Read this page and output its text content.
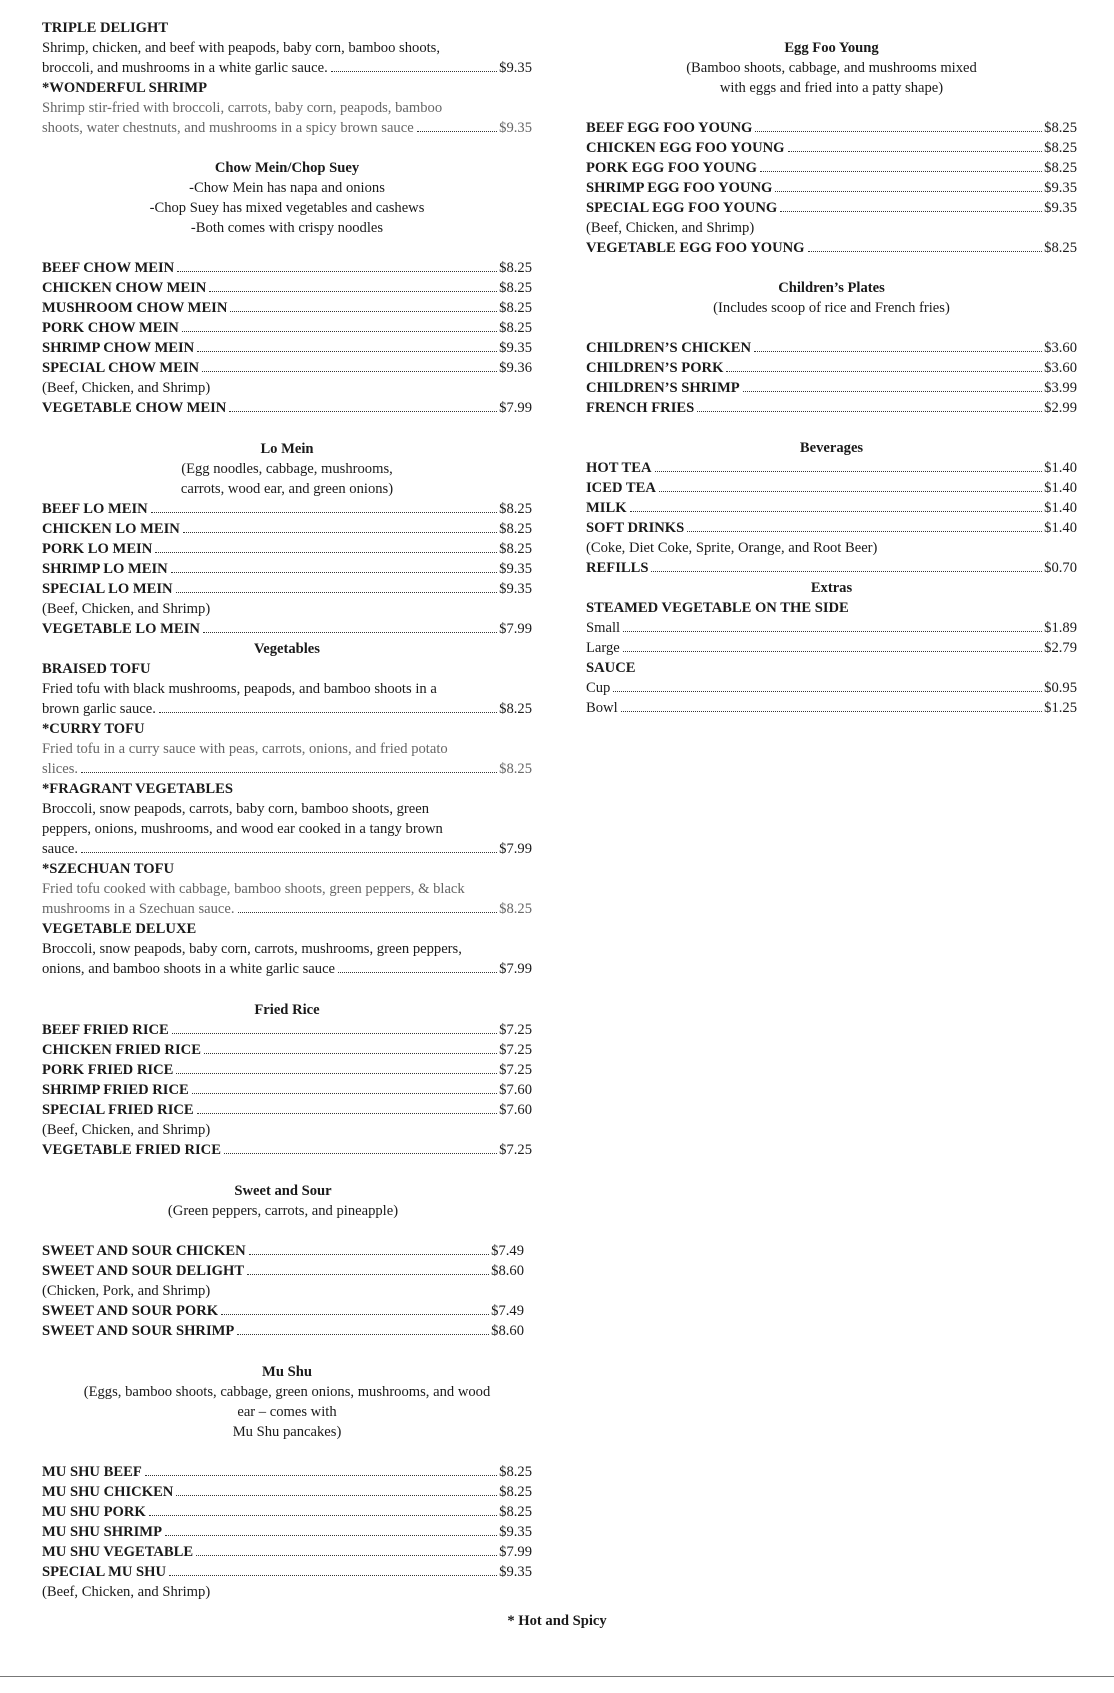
TRIPLE DELIGHT
Shrimp, chicken, and beef with peapods, baby corn, bamboo shoots,
broccoli, and mushrooms in a white garlic sauce.	$9.35
*WONDERFUL SHRIMP
Shrimp stir-fried with broccoli, carrots, baby corn, peapods, bamboo
shoots, water chestnuts, and mushrooms in a spicy brown sauce	$9.35
Chow Mein/Chop Suey
-Chow Mein has napa and onions
-Chop Suey has mixed vegetables and cashews
-Both comes with crispy noodles
BEEF CHOW MEIN	$8.25
CHICKEN CHOW MEIN	$8.25
MUSHROOM CHOW MEIN	$8.25
PORK CHOW MEIN	$8.25
SHRIMP CHOW MEIN	$9.35
SPECIAL CHOW MEIN	$9.36
(Beef, Chicken, and Shrimp)
VEGETABLE CHOW MEIN	$7.99
Lo Mein
(Egg noodles, cabbage, mushrooms,
carrots, wood ear, and green onions)
BEEF LO MEIN	$8.25
CHICKEN LO MEIN	$8.25
PORK LO MEIN	$8.25
SHRIMP LO MEIN	$9.35
SPECIAL LO MEIN	$9.35
(Beef, Chicken, and Shrimp)
VEGETABLE LO MEIN	$7.99
Vegetables
BRAISED TOFU
Fried tofu with black mushrooms, peapods, and bamboo shoots in a
brown garlic sauce.	$8.25
*CURRY TOFU
Fried tofu in a curry sauce with peas, carrots, onions, and fried potato
slices.	$8.25
*FRAGRANT VEGETABLES
Broccoli, snow peapods, carrots, baby corn, bamboo shoots, green
peppers, onions, mushrooms, and wood ear cooked in a tangy brown
sauce.	$7.99
*SZECHUAN TOFU
Fried tofu cooked with cabbage, bamboo shoots, green peppers, & black
mushrooms in a Szechuan sauce.	$8.25
VEGETABLE DELUXE
Broccoli, snow peapods, baby corn, carrots, mushrooms, green peppers,
onions, and bamboo shoots in a white garlic sauce	$7.99
Fried Rice
BEEF FRIED RICE	$7.25
CHICKEN FRIED RICE	$7.25
PORK FRIED RICE	$7.25
SHRIMP FRIED RICE	$7.60
SPECIAL FRIED RICE	$7.60
(Beef, Chicken, and Shrimp)
VEGETABLE FRIED RICE	$7.25
Sweet and Sour
(Green peppers, carrots, and pineapple)
SWEET AND SOUR CHICKEN	$7.49
SWEET AND SOUR DELIGHT	$8.60
(Chicken, Pork, and Shrimp)
SWEET AND SOUR PORK	$7.49
SWEET AND SOUR SHRIMP	$8.60
Mu Shu
(Eggs, bamboo shoots, cabbage, green onions, mushrooms, and wood
ear – comes with
Mu Shu pancakes)
MU SHU BEEF	$8.25
MU SHU CHICKEN	$8.25
MU SHU PORK	$8.25
MU SHU SHRIMP	$9.35
MU SHU VEGETABLE	$7.99
SPECIAL MU SHU	$9.35
(Beef, Chicken, and Shrimp)
Egg Foo Young
(Bamboo shoots, cabbage, and mushrooms mixed
with eggs and fried into a patty shape)
BEEF EGG FOO YOUNG	$8.25
CHICKEN EGG FOO YOUNG	$8.25
PORK EGG FOO YOUNG	$8.25
SHRIMP EGG FOO YOUNG	$9.35
SPECIAL EGG FOO YOUNG	$9.35
(Beef, Chicken, and Shrimp)
VEGETABLE EGG FOO YOUNG	$8.25
Children’s Plates
(Includes scoop of rice and French fries)
CHILDREN’S CHICKEN	$3.60
CHILDREN’S PORK	$3.60
CHILDREN’S SHRIMP	$3.99
FRENCH FRIES	$2.99
Beverages
HOT TEA	$1.40
ICED TEA	$1.40
MILK	$1.40
SOFT DRINKS	$1.40
(Coke, Diet Coke, Sprite, Orange, and Root Beer)
REFILLS	$0.70
Extras
STEAMED VEGETABLE ON THE SIDE
Small	$1.89
Large	$2.79
SAUCE
Cup	$0.95
Bowl	$1.25
* Hot and Spicy
